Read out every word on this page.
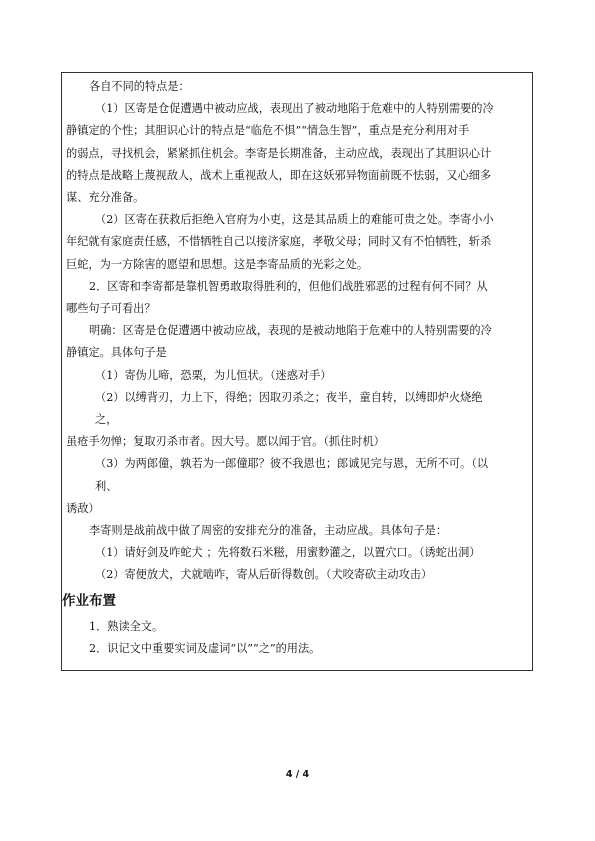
各自不同的特点是：

（1）区寄是仓促遭遇中被动应战，表现出了被动地陷于危难中的人特别需要的冷

静镇定的个性；其胆识心计的特点是“临危不惧”“情急生智”，重点是充分利用对手

的弱点，寻找机会，紧紧抓住机会。李寄是长期准备，主动应战，表现出了其胆识心计

的特点是战略上蔑视敌人，战术上重视敌人，即在这妖邪异物面前既不怯弱，又心细多

谋、充分准备。

（2）区寄在获救后拒绝入官府为小吏，这是其品质上的难能可贵之处。李寄小小

年纪就有家庭责任感，不惜牺牲自己以接济家庭，孝敬父母；同时又有不怕牺牲，斩杀

巨蛇，为一方除害的愿望和思想。这是李寄品质的光彩之处。

2．区寄和李寄都是靠机智勇敢取得胜利的，但他们战胜邪恶的过程有何不同？从

哪些句子可看出？

明确：区寄是仓促遭遇中被动应战，表现的是被动地陷于危难中的人特别需要的冷

静镇定。具体句子是

（1）寄伪儿啼，恐栗，为儿恒状。（迷惑对手）

（2）以缚背刃，力上下，得绝；因取刃杀之；夜半，童自转，以缚即炉火烧绝

之，

虽疮手勿惮；复取刃杀市者。因大号。愿以闻于官。（抓住时机）

（3）为两郎僮，孰若为一郎僮耶？彼不我恩也；郎诚见完与恩，无所不可。（以

利、

诱敌）

李寄则是战前战中做了周密的安排充分的准备，主动应战。具体句子是：

（1）请好剑及咋蛇犬 ；先将数石米糍，用蜜麨灌之，以置穴口。（诱蛇出洞）

（2）寄便放犬，犬就啮咋，寄从后斫得数创。（犬咬寄砍主动攻击）

作业布置

1．熟读全文。

2．识记文中重要实词及虚词“以”“之”的用法。

4 / 4
